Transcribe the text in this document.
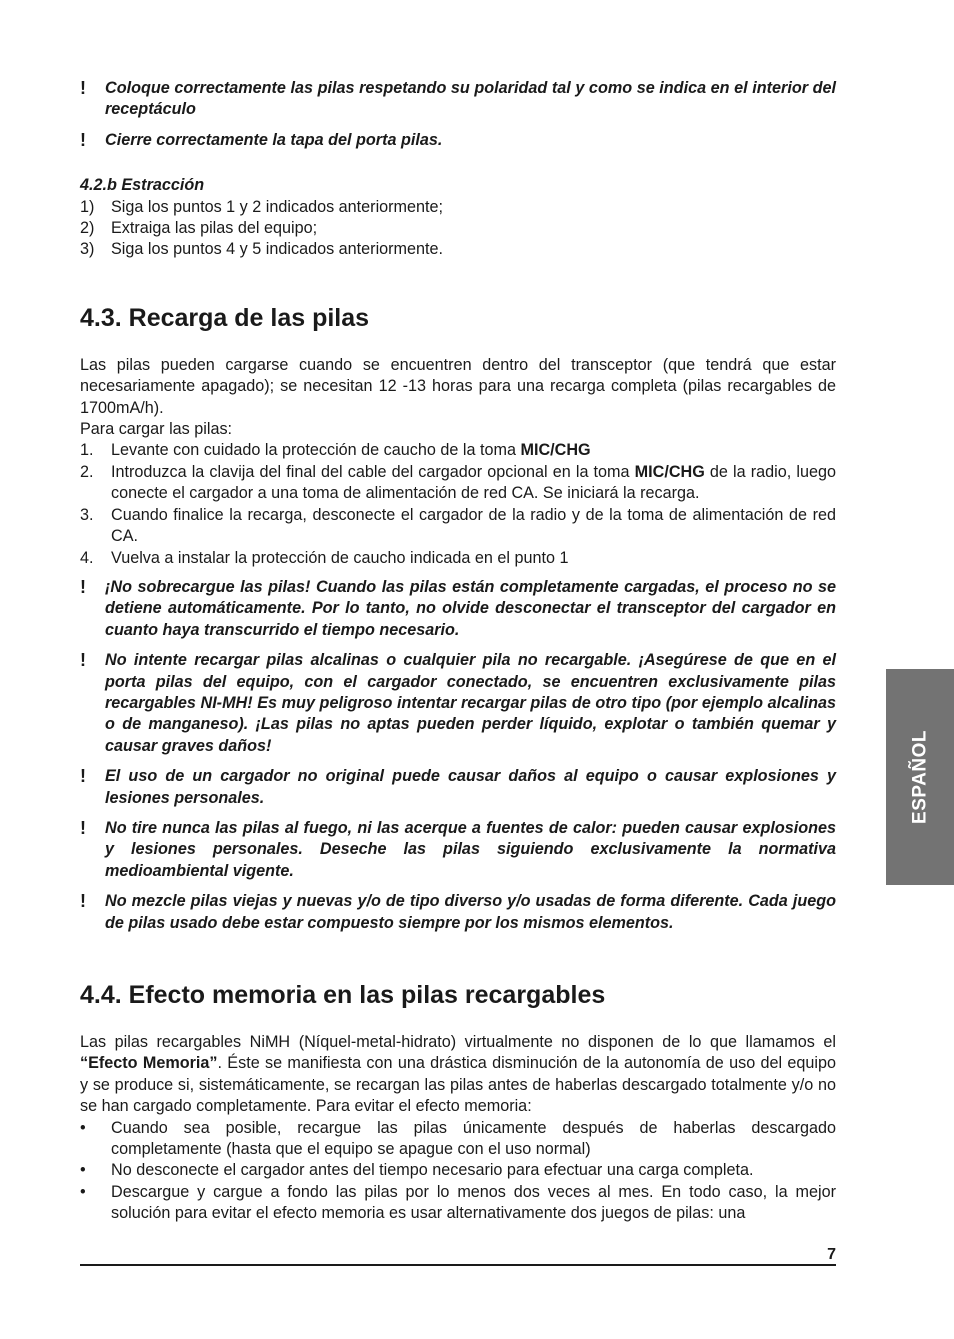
!	Coloque correctamente las pilas respetando su polaridad tal y como se indica en el interior del receptáculo
!	Cierre correctamente la tapa del porta pilas.
4.2.b Estracción
1)	Siga los puntos 1 y 2 indicados anteriormente;
2)	Extraiga las pilas del equipo;
3)	Siga los puntos 4 y 5 indicados anteriormente.
4.3. Recarga de las pilas

Las pilas pueden cargarse cuando se encuentren dentro del transceptor (que tendrá que estar necesariamente apagado); se necesitan 12 -13 horas para una recarga completa (pilas recargables de 1700mA/h).

Para cargar las pilas:
1.	Levante con cuidado la protección de caucho de la toma MIC/CHG
2.	Introduzca la clavija del final del cable del cargador opcional en la toma MIC/CHG de la radio, luego conecte el cargador a una toma de alimentación de red CA. Se iniciará la recarga.
3.	Cuando finalice la recarga, desconecte el cargador de la radio y de la toma de alimentación de red CA.
4.	Vuelva a instalar la protección de caucho indicada en el punto 1
!	¡No sobrecargue las pilas! Cuando las pilas están completamente cargadas, el proceso no se detiene automáticamente. Por lo tanto, no olvide desconectar el transceptor del cargador en cuanto haya transcurrido el tiempo necesario.
!	No intente recargar pilas alcalinas o cualquier pila no recargable. ¡Asegúrese de que en el porta pilas del equipo, con el cargador conectado, se encuentren exclusivamente pilas recargables NI-MH! Es muy peligroso intentar recargar pilas de otro tipo (por ejemplo alcalinas o de manganeso). ¡Las pilas no aptas pueden perder líquido, explotar o también quemar y causar graves daños!
!	El uso de un cargador no original puede causar daños al equipo o causar explosiones y lesiones personales.
!	No tire nunca las pilas al fuego, ni las acerque a fuentes de calor: pueden causar explosiones y lesiones personales. Deseche las pilas siguiendo exclusivamente la normativa medioambiental vigente.
!	No mezcle pilas viejas y nuevas y/o de tipo diverso y/o usadas de forma diferente. Cada juego de pilas usado debe estar compuesto siempre por los mismos elementos.
4.4. Efecto memoria en las pilas recargables

Las pilas recargables NiMH (Níquel-metal-hidrato) virtualmente no disponen de lo que llamamos el “Efecto Memoria”. Éste se manifiesta con una drástica disminución de la autonomía de uso del equipo y se produce si, sistemáticamente, se recargan las pilas antes de haberlas descargado totalmente y/o no se han cargado completamente. Para evitar el efecto memoria:

•	Cuando sea posible, recargue las pilas únicamente después de haberlas descargado completamente (hasta que el equipo se apague con el uso normal)
•	No desconecte el cargador antes del tiempo necesario para efectuar una carga completa.
•	Descargue y cargue a fondo las pilas por lo menos dos veces al mes. En todo caso, la mejor solución para evitar el efecto memoria es usar alternativamente dos juegos de pilas: una
ESPAÑOL
7
